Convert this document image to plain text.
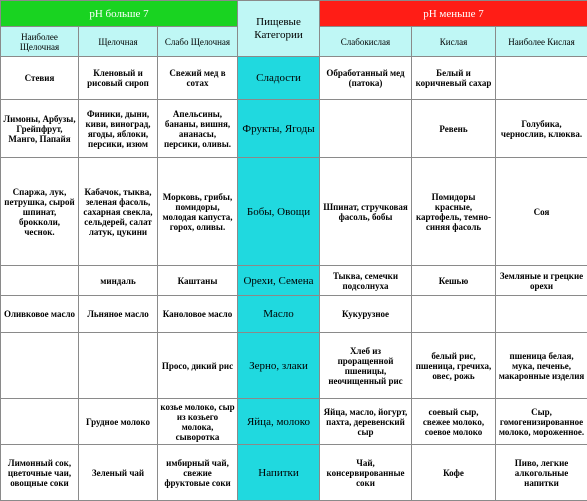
pH больше 7			Пищевые Категории	pH меньше 7		
Наиболее Щелочная	Щелочная	Слабо Щелочная		Слабокислая	Кислая	Наиболее Кислая
Стевия	Кленовый и рисовый сироп	Свежий мед в сотах	Сладости	Обработанный мед (патока)	Белый и коричневый сахар	
Лимоны, Арбузы, Грейпфрут, Манго, Папайя	Финики, дыни, киви, виноград, ягоды, яблоки, персики, изюм	Апельсины, бананы, вишня, ананасы, персики, оливы.	Фрукты, Ягоды		Ревень	Голубика, чернослив, клюква.
Спаржа, лук, петрушка, сырой шпинат, брокколи, чеснок.	Кабачок, тыква, зеленая фасоль, сахарная свекла, сельдерей, салат латук, цукини	Морковь, грибы, помидоры, молодая капуста, горох, оливы.	Бобы, Овощи	Шпинат, стручковая фасоль, бобы	Помидоры красные, картофель, темно-синяя фасоль	Соя
	миндаль	Каштаны	Орехи, Семена	Тыква, семечки подсолнуха	Кешью	Земляные и грецкие орехи
Оливковое масло	Льняное масло	Каноловое масло	Масло	Кукурузное		
		Просо, дикий рис	Зерно, злаки	Хлеб из проращенной пшеницы, неочищенный рис	белый рис, пшеница, гречиха, овес, рожь	пшеница белая, мука, печенье, макаронные изделия
	Грудное молоко	козье молоко, сыр из козьего молока, сыворотка	Яйца, молоко	Яйца, масло, йогурт, пахта, деревенский сыр	соевый сыр, свежее молоко, соевое молоко	Сыр, гомогенизированное молоко, мороженное.
Лимонный сок, цветочные чаи, овощные соки	Зеленый чай	имбирный чай, свежие фруктовые соки	Напитки	Чай, консервированные соки	Кофе	Пиво, легкие алкогольные напитки
